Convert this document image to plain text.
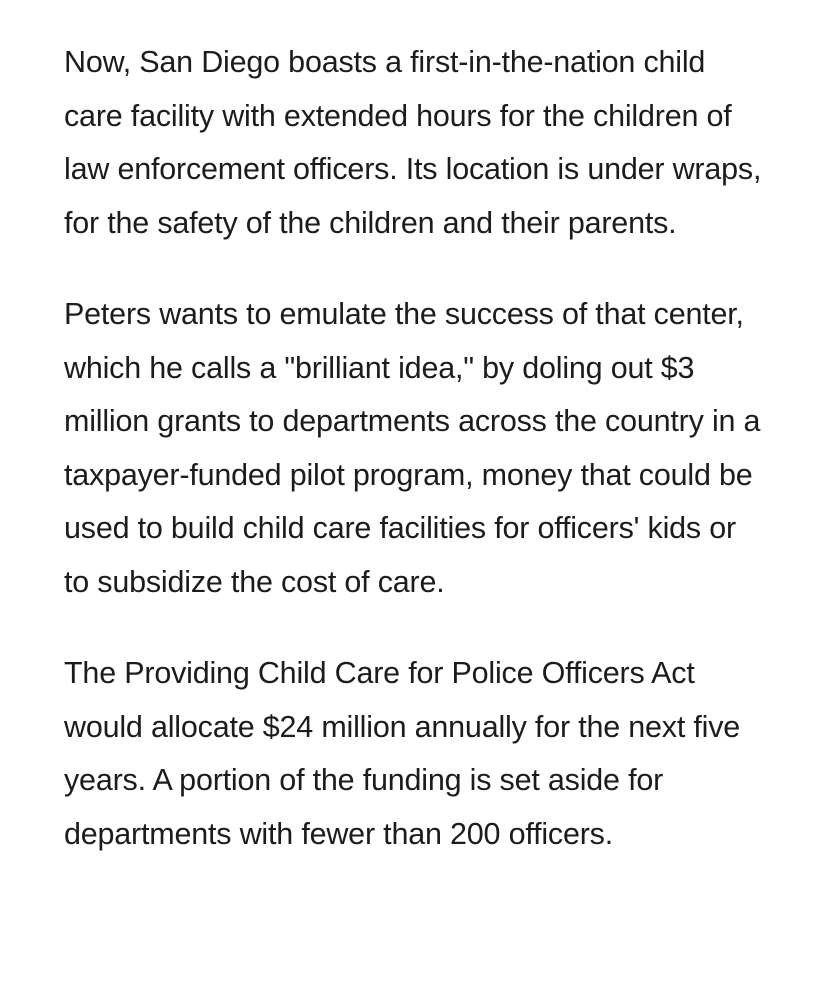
Now, San Diego boasts a first-in-the-nation child care facility with extended hours for the children of law enforcement officers. Its location is under wraps, for the safety of the children and their parents.

Peters wants to emulate the success of that center, which he calls a "brilliant idea," by doling out $3 million grants to departments across the country in a taxpayer-funded pilot program, money that could be used to build child care facilities for officers' kids or to subsidize the cost of care.

The Providing Child Care for Police Officers Act would allocate $24 million annually for the next five years. A portion of the funding is set aside for departments with fewer than 200 officers.
